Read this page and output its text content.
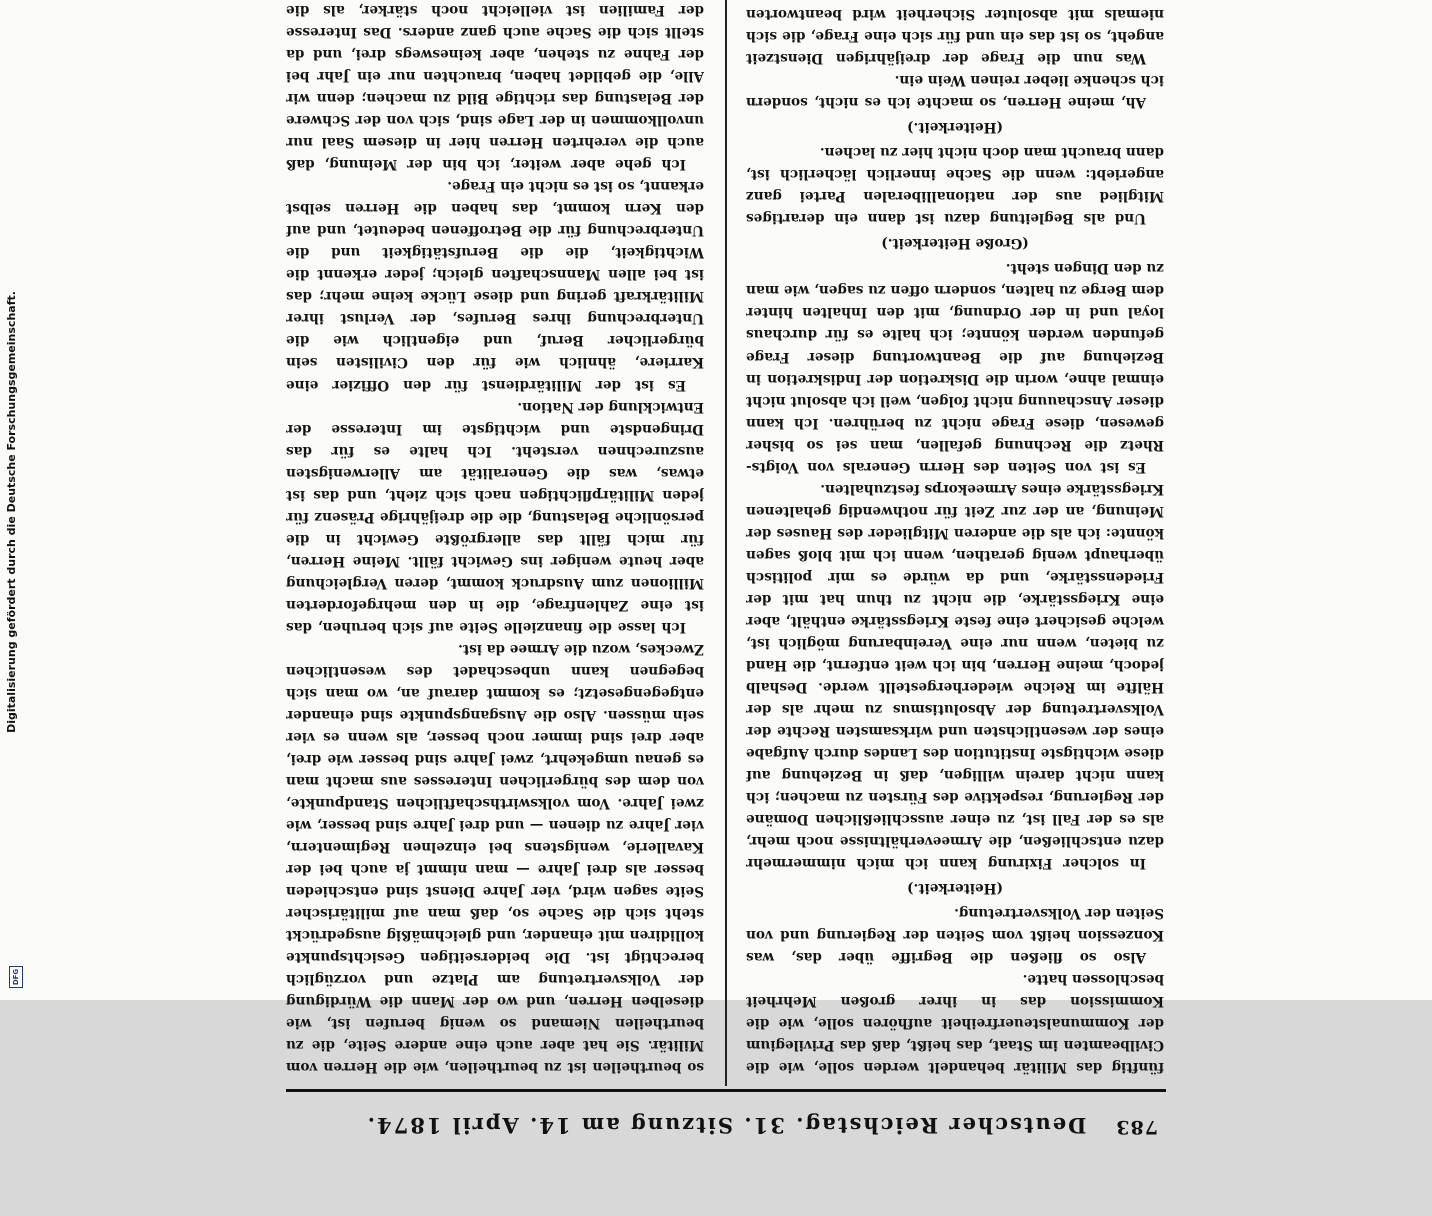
783
Deutscher Reichstag. 31. Sitzung am 14. April 1874.

fünftig das Militär behandelt werden solle, wie die Civilbeamten im Staat, das heißt, daß das Privilegium der Kommunalsteuerfreiheit aufhören solle, wie die Kommission das in ihrer großen Mehrheit beschlossen hatte.

Also so fließen die Begriffe über das, was Konzession heißt vom Seiten der Regierung und von Seiten der Volksvertretung.

(Heiterkeit.)

In solcher Fixirung kann ich mich nimmermehr dazu entschließen, die Armeeverhältnisse noch mehr, als es der Fall ist, zu einer ausschließlichen Domäne der Regierung, respektive des Fürsten zu machen; ich kann nicht darein willigen, daß in Beziehung auf diese wichtigste Institution des Landes durch Aufgabe eines der wesentlichsten und wirksamsten Rechte der Volksvertretung der Absolutismus zu mehr als der Hälfte im Reiche wiederhergestellt werde. Deshalb jedoch, meine Herren, bin ich weit entfernt, die Hand zu bieten, wenn nur eine Vereinbarung möglich ist, welche gesichert eine feste Kriegsstärke enthält, aber eine Kriegsstärke, die nicht zu thun hat mit der Friedensstärke, und da würde es mir politisch überhaupt wenig gerathen, wenn ich mit bloß sagen könnte: ich als die anderen Mitglieder des Hauses der Meinung, an der zur Zeit für nothwendig gehaltenen Kriegsstärke eines Armeekorps festzuhalten.

Es ist von Seiten des Herrn Generals von Voigts-Rhetz die Rechnung gefallen, man sei so bisher gewesen, diese Frage nicht zu berühren. Ich kann dieser Anschauung nicht folgen, weil ich absolut nicht einmal ahne, worin die Diskretion der Indiskretion in Beziehung auf die Beantwortung dieser Frage gefunden werden könnte; ich halte es für durchaus loyal und in der Ordnung, mit den Inhalten hinter dem Berge zu halten, sondern offen zu sagen, wie man zu den Dingen steht.

(Große Heiterkeit.)

Und als Begleitung dazu ist dann ein derartiges Mitglied aus der nationalliberalen Partei ganz angeriebt: wenn die Sache innerlich lächerlich ist, dann braucht man doch nicht hier zu lachen.

(Heiterkeit.)

Ah, meine Herren, so machte ich es nicht, sondern ich schenke lieber reinen Wein ein.

Was nun die Frage der dreijährigen Dienstzeit angeht, so ist das ein und für sich eine Frage, die sich niemals mit absoluter Sicherheit wird beantworten

so beurtheilen ist zu beurtheilen, wie die Herren vom Militär. Sie hat aber auch eine andere Seite, die zu beurtheilen Niemand so wenig berufen ist, wie dieselben Herren, und wo der Mann die Würdigung der Volksvertretung am Platze und vorzüglich berechtigt ist. Die beiderseitigen Gesichtspunkte kollidiren mit einander, und gleichmäßig ausgedrückt steht sich die Sache so, daß man auf militärischer Seite sagen wird, vier Jahre Dienst sind entschieden besser als drei Jahre — man nimmt ja auch bei der Kavallerie, wenigstens bei einzelnen Regimentern, vier Jahre zu dienen — und drei Jahre sind besser, wie zwei Jahre. Vom volkswirthschaftlichen Standpunkte, von dem des bürgerlichen Interesses aus macht man es genau umgekehrt, zwei Jahre sind besser wie drei, aber drei sind immer noch besser, als wenn es vier sein müssen. Also die Ausgangspunkte sind einander entgegengesetzt; es kommt darauf an, wo man sich begegnen kann unbeschadet des wesentlichen Zweckes, wozu die Armee da ist.

Ich lasse die finanzielle Seite auf sich beruhen, das ist eine Zahlenfrage, die in den mehrgeforderten Millionen zum Ausdruck kommt, deren Vergleichung aber heute weniger ins Gewicht fällt. Meine Herren, für mich fällt das allergrößte Gewicht in die persönliche Belastung, die die dreijährige Präsenz für jeden Militärpflichtigen nach sich zieht, und das ist etwas, was die Generalität am Allerwenigsten auszurechnen versteht. Ich halte es für das Dringendste und wichtigste im Interesse der Entwicklung der Nation.

Es ist der Militärdienst für den Offizier eine Karriere, ähnlich wie für den Civilisten sein bürgerlicher Beruf, und eigentlich wie die Unterbrechung ihres Berufes, der Verlust ihrer Militärkraft gering und diese Lücke keine mehr; das ist bei allen Mannschaften gleich; jeder erkennt die Wichtigkeit, die die Berufstätigkeit und die Unterbrechung für die Betroffenen bedeutet, und auf den Kern kommt, das haben die Herren selbst erkannt, so ist es nicht ein Frage.

Ich gehe aber weiter, ich bin der Meinung, daß auch die verehrten Herren hier in diesem Saal nur unvollkommen in der Lage sind, sich von der Schwere der Belastung das richtige Bild zu machen; denn wir Alle, die gebildet haben, brauchten nur ein Jahr bei der Fahne zu stehen, aber keineswegs drei, und da stellt sich die Sache auch ganz anders. Das Interesse der Familien ist vielleicht noch stärker, als die

Digitalisierung gefördert durch die Deutsche Forschungsgemeinschaft.
DFG
